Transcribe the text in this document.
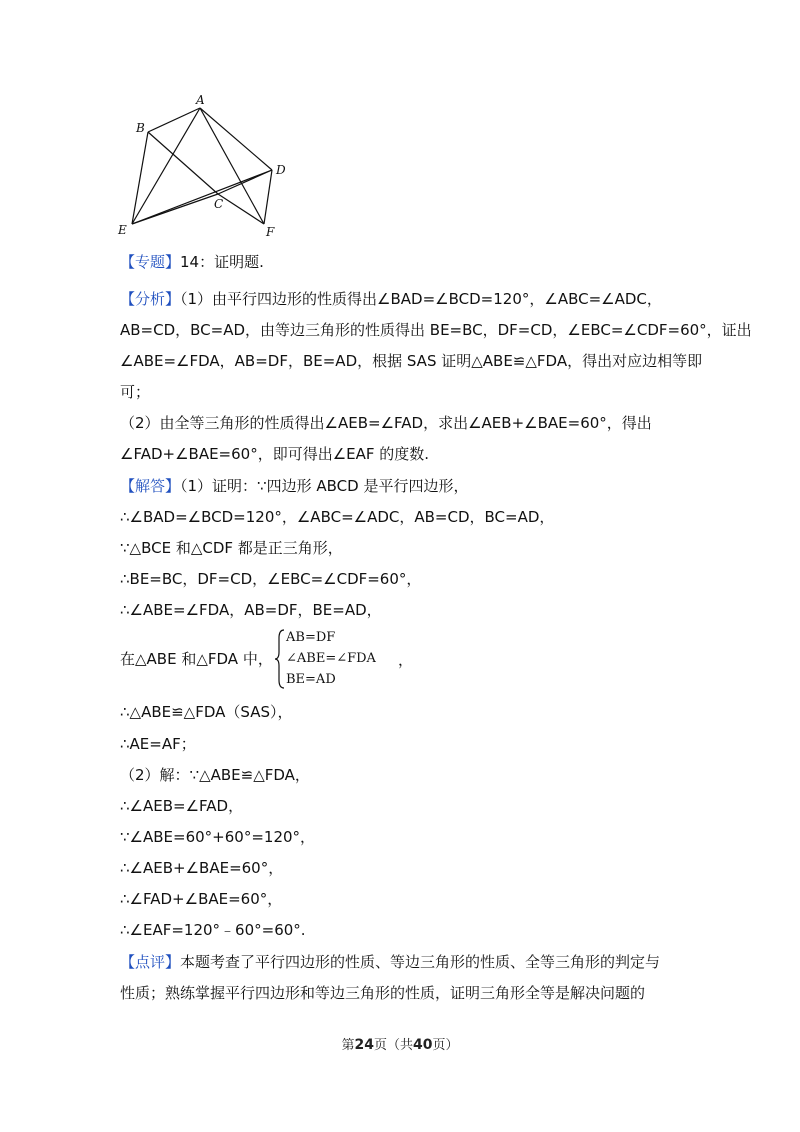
A
B
C
D
E	F
【专题】14：证明题.
【分析】（1）由平行四边形的性质得出∠BAD=∠BCD=120°，∠ABC=∠ADC，
AB=CD，BC=AD，由等边三角形的性质得出 BE=BC，DF=CD，∠EBC=∠CDF=60°，证出
∠ABE=∠FDA，AB=DF，BE=AD，根据 SAS 证明△ABE≌△FDA，得出对应边相等即
可；
（2）由全等三角形的性质得出∠AEB=∠FAD，求出∠AEB+∠BAE=60°，得出
∠FAD+∠BAE=60°，即可得出∠EAF 的度数.
【解答】（1）证明：∵四边形 ABCD 是平行四边形，
∴∠BAD=∠BCD=120°，∠ABC=∠ADC，AB=CD，BC=AD，
∵△BCE 和△CDF 都是正三角形，
∴BE=BC，DF=CD，∠EBC=∠CDF=60°，
∴∠ABE=∠FDA，AB=DF，BE=AD，
在△ABE 和△FDA 中，
AB=DF
∠ABE=∠FDA
BE=AD
，
∴△ABE≌△FDA（SAS），
∴AE=AF；
（2）解：∵△ABE≌△FDA，
∴∠AEB=∠FAD，
∵∠ABE=60°+60°=120°，
∴∠AEB+∠BAE=60°，
∴∠FAD+∠BAE=60°，
∴∠EAF=120°﹣60°=60°.
【点评】本题考查了平行四边形的性质、等边三角形的性质、全等三角形的判定与
性质；熟练掌握平行四边形和等边三角形的性质，证明三角形全等是解决问题的
第24页（共40页）
